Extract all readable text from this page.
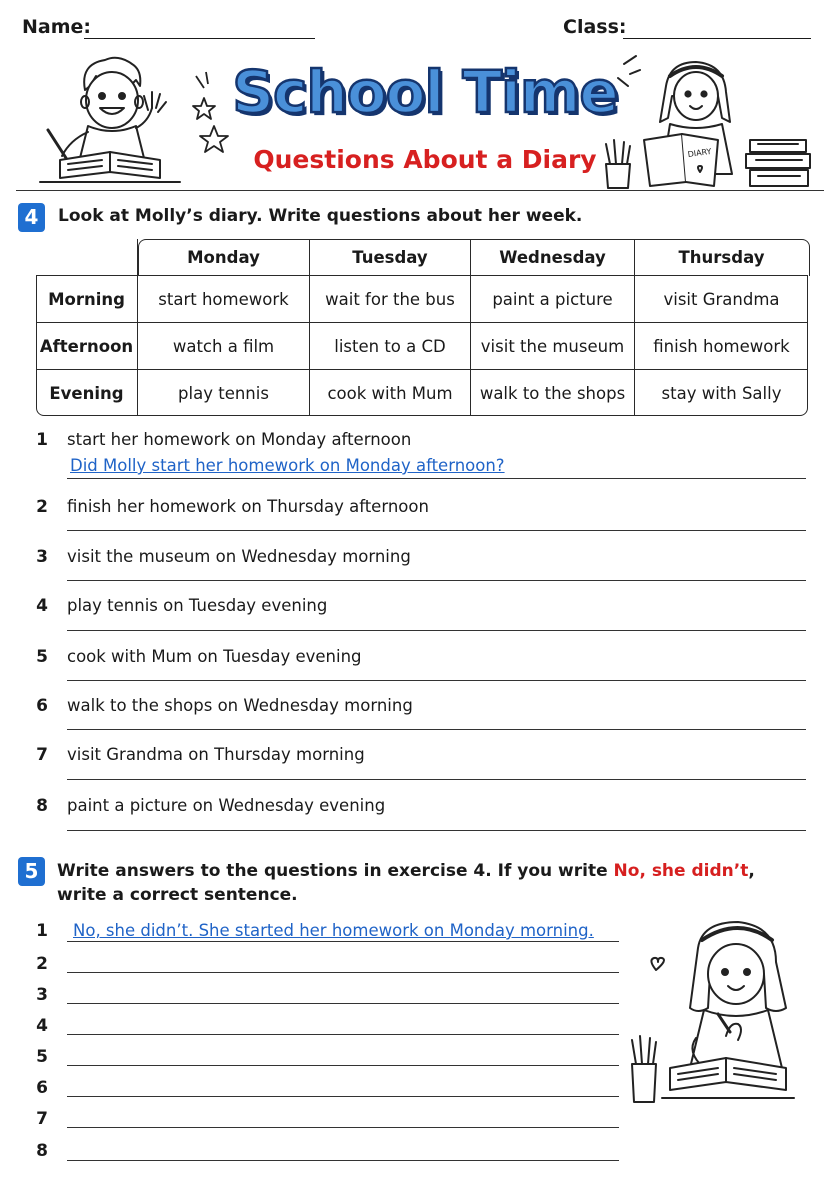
Name:	Class:
School Time
Questions About a Diary	DIARY
4	Look at Molly’s diary. Write questions about her week.
	Monday	Tuesday	Wednesday	Thursday
Morning	start homework	wait for the bus	paint a picture	visit Grandma
Afternoon	watch a film	listen to a CD	visit the museum	finish homework
Evening	play tennis	cook with Mum	walk to the shops	stay with Sally
1 start her homework on Monday afternoon
Did Molly start her homework on Monday afternoon?
2 finish her homework on Thursday afternoon
3 visit the museum on Wednesday morning
4 play tennis on Tuesday evening
5 cook with Mum on Tuesday evening
6 walk to the shops on Wednesday morning
7 visit Grandma on Thursday morning
8 paint a picture on Wednesday evening
5	Write answers to the questions in exercise 4. If you write No, she didn’t,
write a correct sentence.
1 No, she didn’t. She started her homework on Monday morning.
2
3
4
5
6
7
8
